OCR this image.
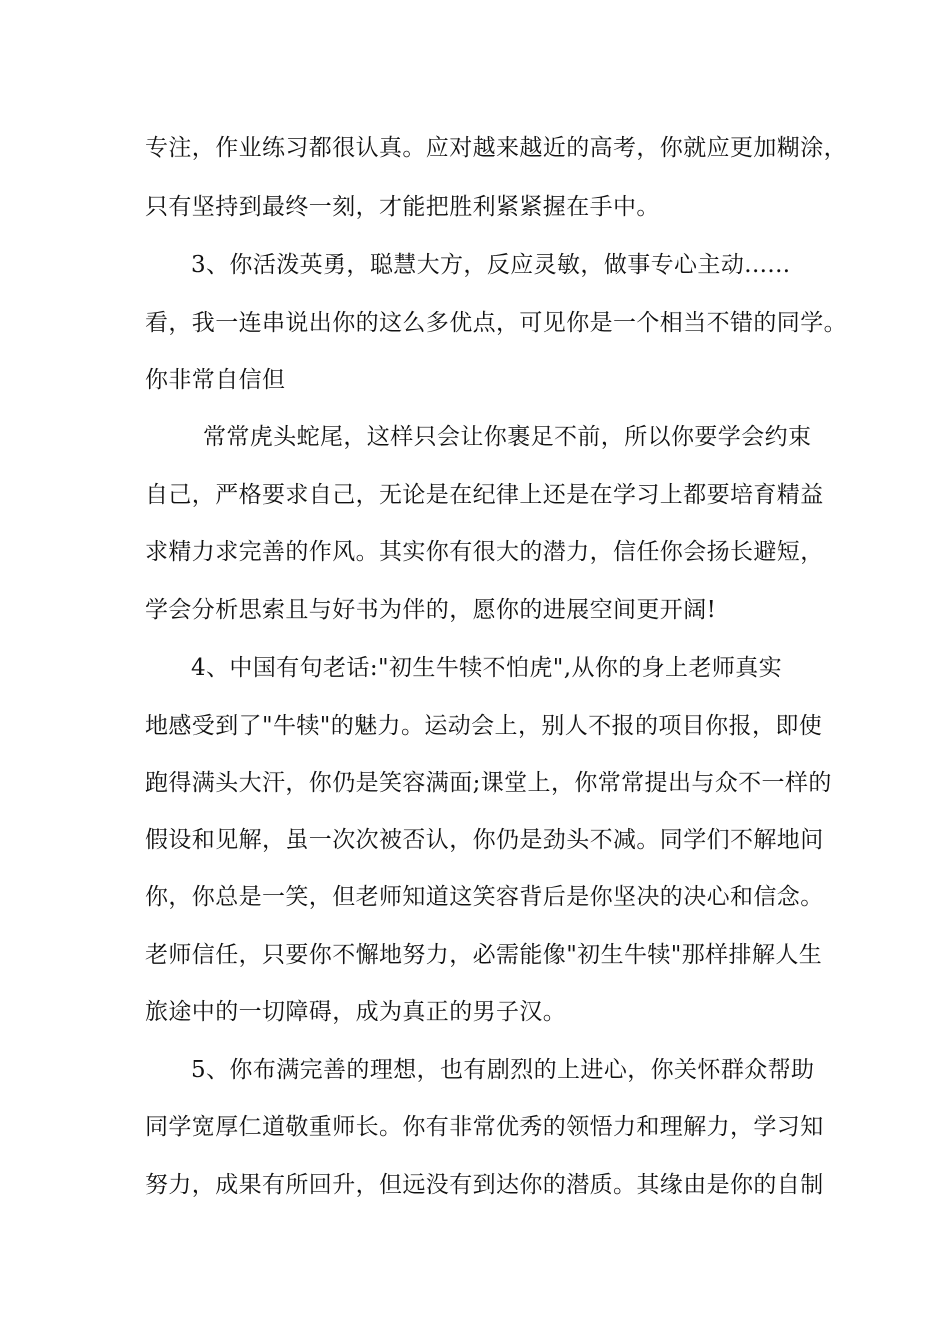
专注，作业练习都很认真。应对越来越近的高考，你就应更加糊涂，
只有坚持到最终一刻，才能把胜利紧紧握在手中。
3、你活泼英勇，聪慧大方，反应灵敏，做事专心主动......
看，我一连串说出你的这么多优点，可见你是一个相当不错的同学。
你非常自信但
常常虎头蛇尾，这样只会让你裹足不前，所以你要学会约束
自己，严格要求自己，无论是在纪律上还是在学习上都要培育精益
求精力求完善的作风。其实你有很大的潜力，信任你会扬长避短，
学会分析思索且与好书为伴的，愿你的进展空间更开阔!
4、中国有句老话:"初生牛犊不怕虎",从你的身上老师真实
地感受到了"牛犊"的魅力。运动会上，别人不报的项目你报，即使
跑得满头大汗，你仍是笑容满面;课堂上，你常常提出与众不一样的
假设和见解，虽一次次被否认，你仍是劲头不减。同学们不解地问
你，你总是一笑，但老师知道这笑容背后是你坚决的决心和信念。
老师信任，只要你不懈地努力，必需能像"初生牛犊"那样排解人生
旅途中的一切障碍，成为真正的男子汉。
5、你布满完善的理想，也有剧烈的上进心，你关怀群众帮助
同学宽厚仁道敬重师长。你有非常优秀的领悟力和理解力，学习知
努力，成果有所回升，但远没有到达你的潜质。其缘由是你的自制
